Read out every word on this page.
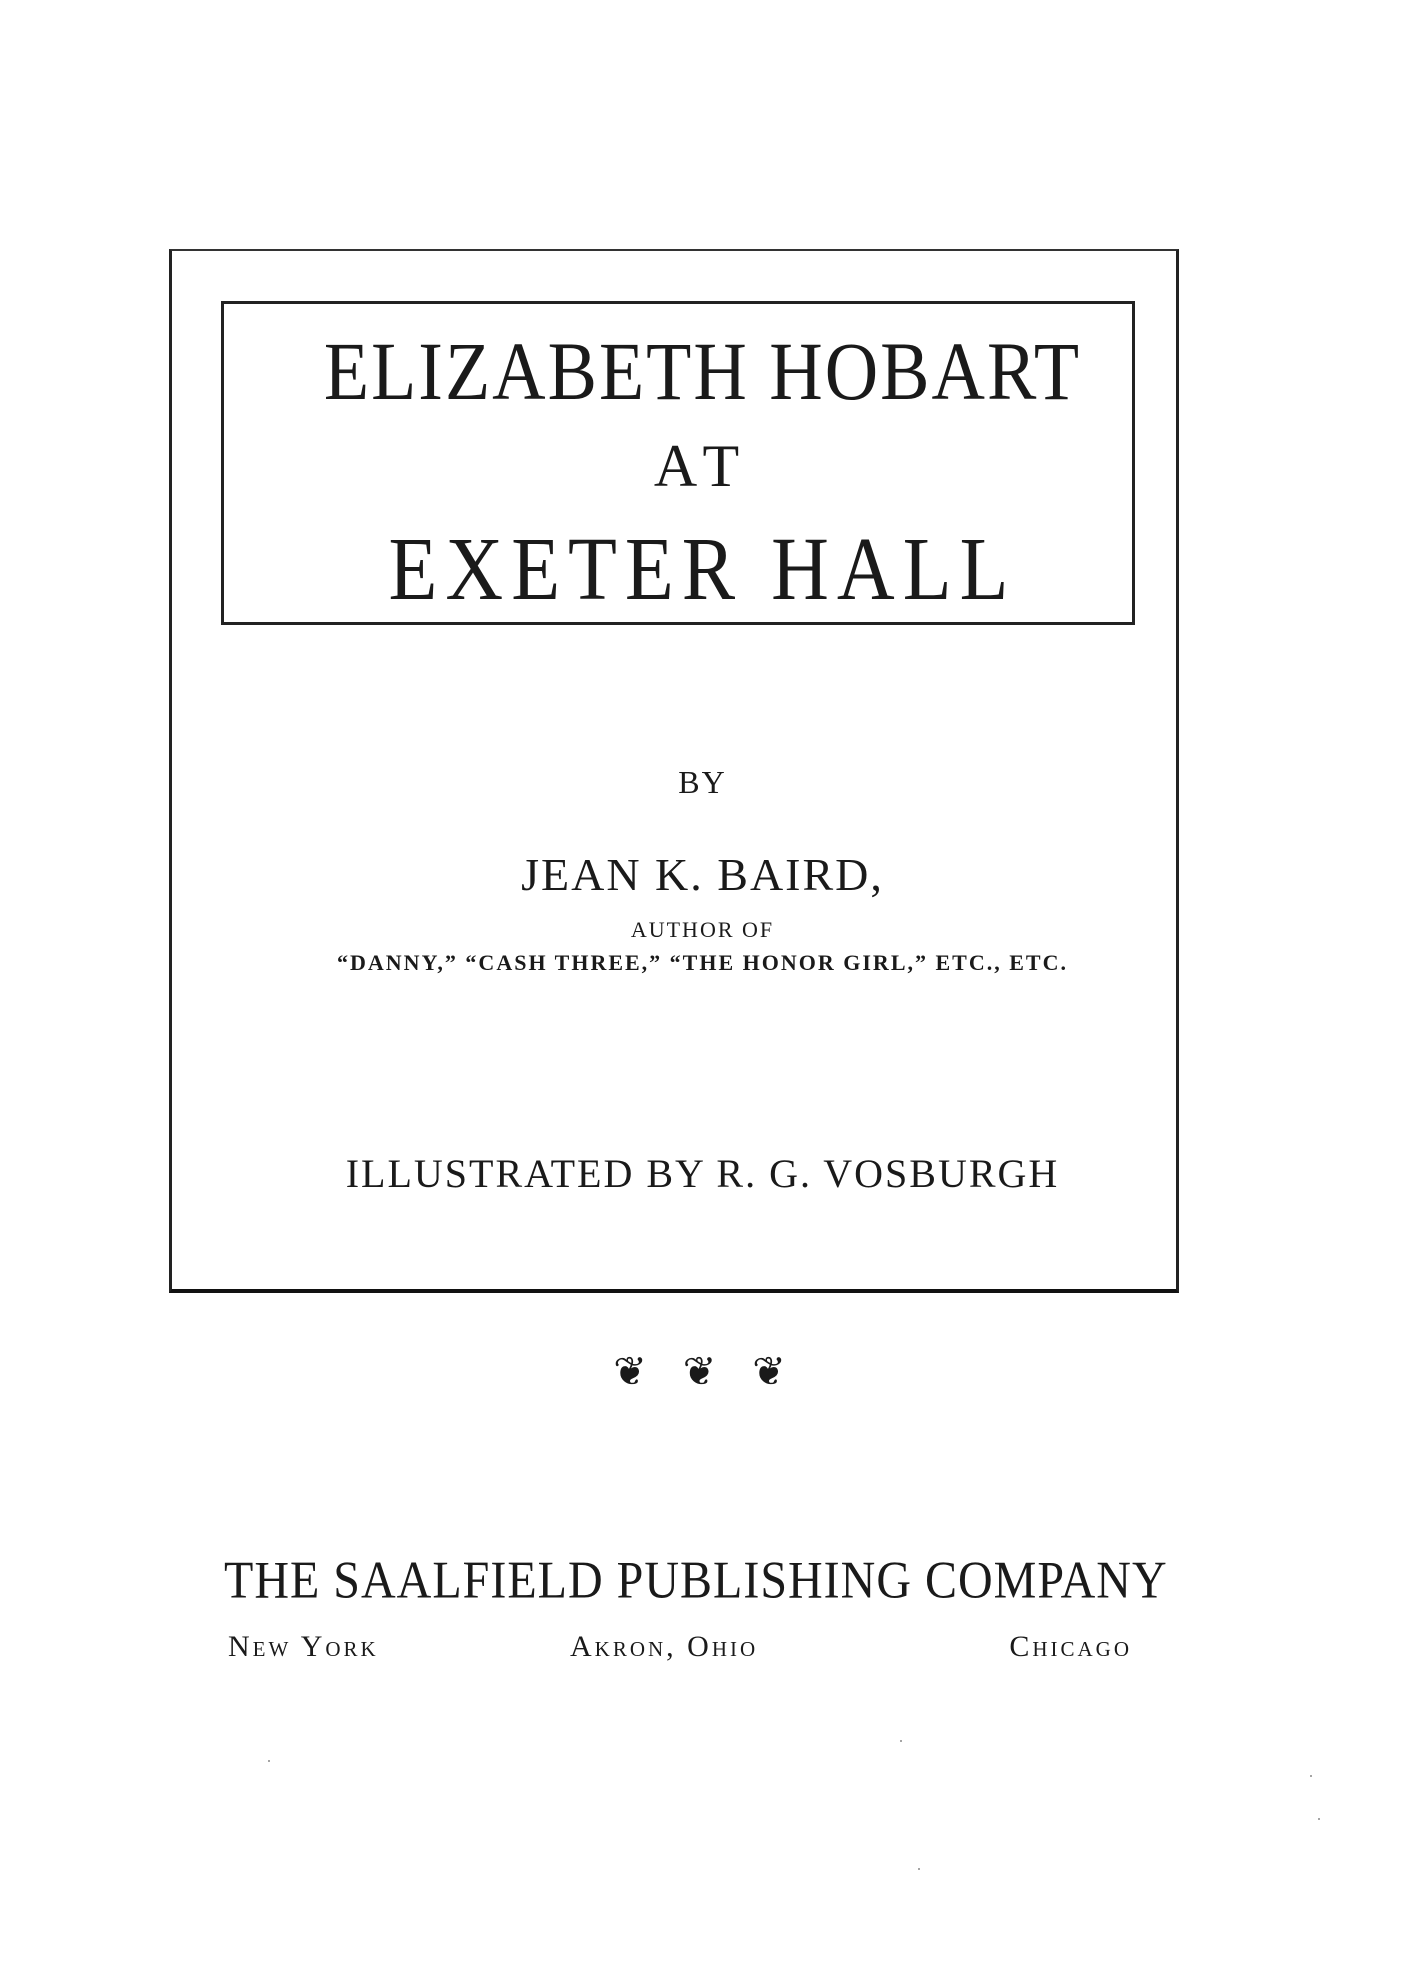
ELIZABETH HOBART
AT
EXETER HALL
BY
JEAN K. BAIRD,
AUTHOR OF
“DANNY,” “CASH THREE,” “THE HONOR GIRL,” ETC., ETC.
ILLUSTRATED BY R. G. VOSBURGH
❦❦❦
THE SAALFIELD PUBLISHING COMPANY
New York	Akron, Ohio	Chicago
